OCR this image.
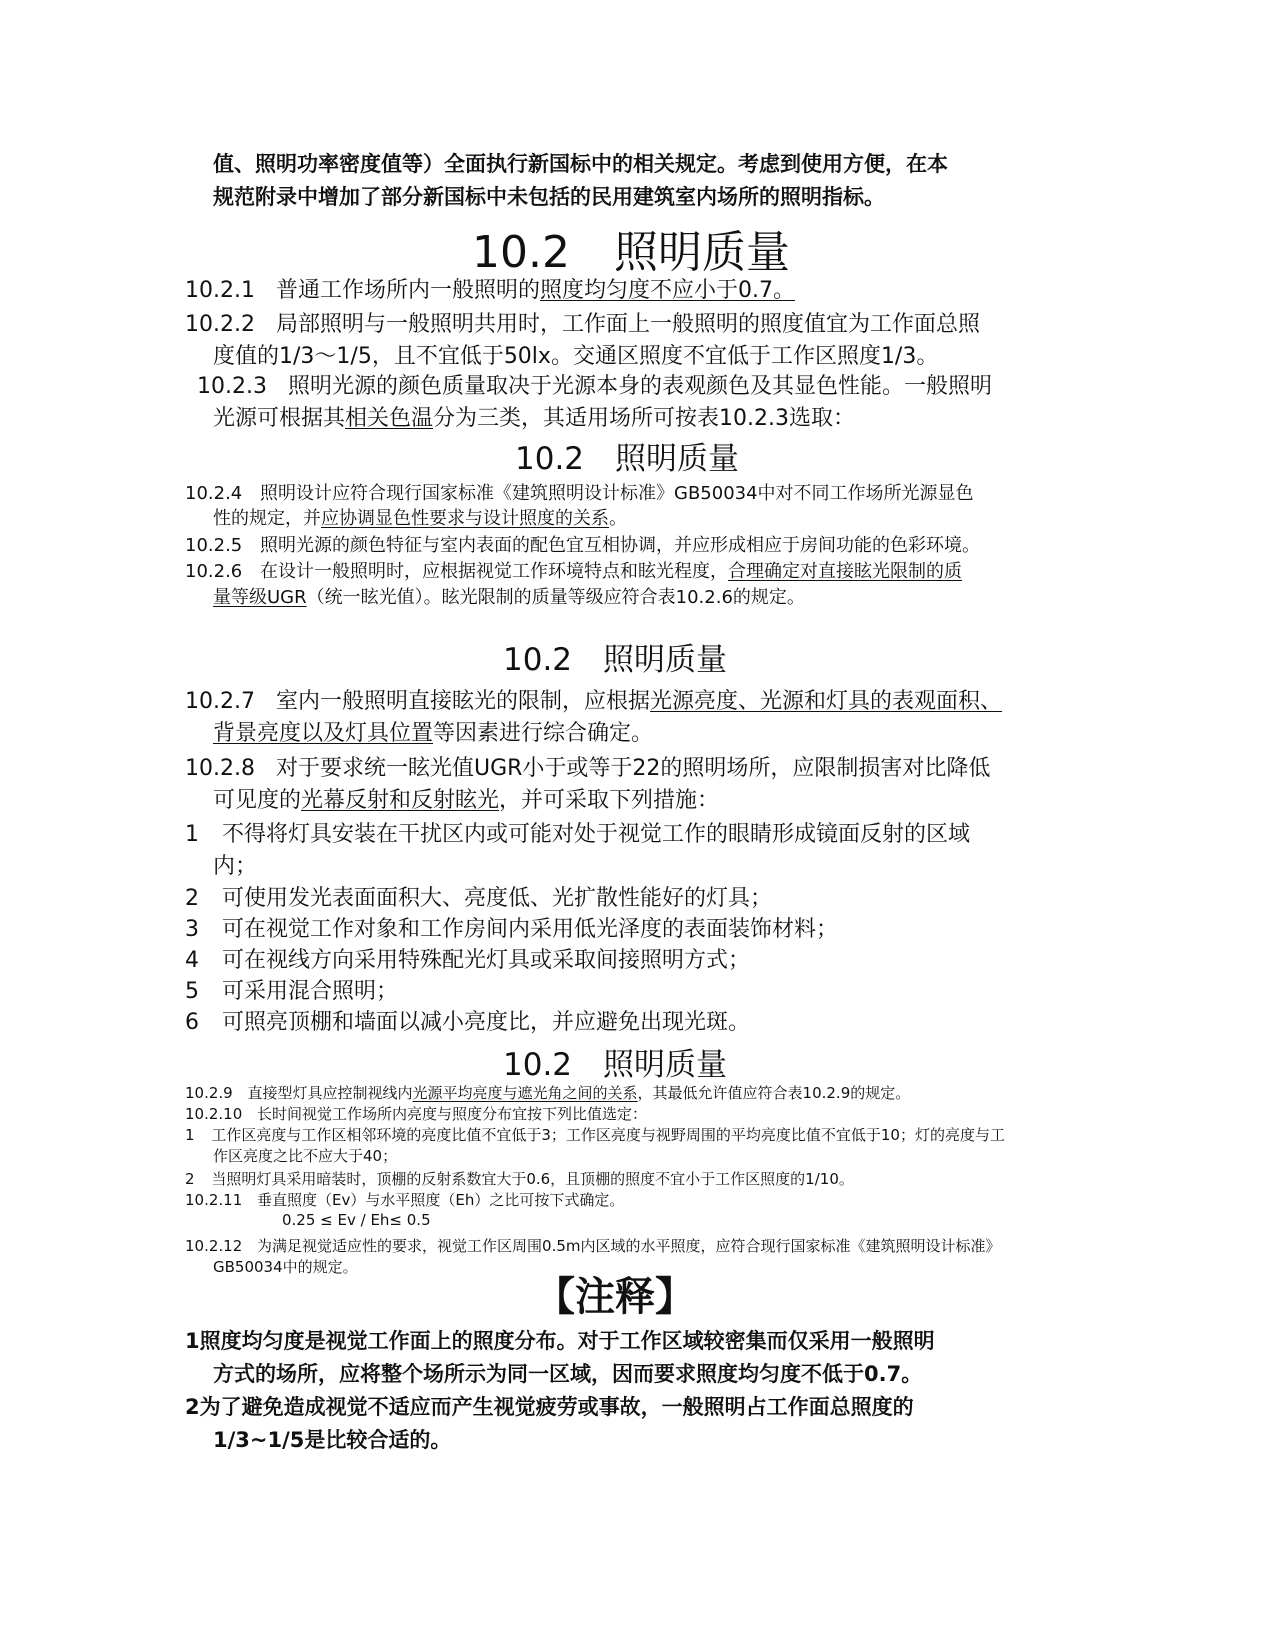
值、照明功率密度值等）全面执行新国标中的相关规定。考虑到使用方便，在本
规范附录中增加了部分新国标中未包括的民用建筑室内场所的照明指标。
10.2　照明质量
10.2.1 普通工作场所内一般照明的照度均匀度不应小于0.7。
10.2.2 局部照明与一般照明共用时，工作面上一般照明的照度值宜为工作面总照
度值的1/3～1/5，且不宜低于50lx。交通区照度不宜低于工作区照度1/3。
10.2.3 照明光源的颜色质量取决于光源本身的表观颜色及其显色性能。一般照明
光源可根据其相关色温分为三类，其适用场所可按表10.2.3选取：
10.2　照明质量
10.2.4 照明设计应符合现行国家标准《建筑照明设计标准》GB50034中对不同工作场所光源显色
性的规定，并应协调显色性要求与设计照度的关系。
10.2.5 照明光源的颜色特征与室内表面的配色宜互相协调，并应形成相应于房间功能的色彩环境。
10.2.6 在设计一般照明时，应根据视觉工作环境特点和眩光程度，合理确定对直接眩光限制的质
量等级UGR（统一眩光值）。眩光限制的质量等级应符合表10.2.6的规定。
10.2　照明质量
10.2.7 室内一般照明直接眩光的限制，应根据光源亮度、光源和灯具的表观面积、
背景亮度以及灯具位置等因素进行综合确定。
10.2.8 对于要求统一眩光值UGR小于或等于22的照明场所，应限制损害对比降低
可见度的光幕反射和反射眩光，并可采取下列措施：
1 不得将灯具安装在干扰区内或可能对处于视觉工作的眼睛形成镜面反射的区域
内；
2 可使用发光表面面积大、亮度低、光扩散性能好的灯具；
3 可在视觉工作对象和工作房间内采用低光泽度的表面装饰材料；
4 可在视线方向采用特殊配光灯具或采取间接照明方式；
5 可采用混合照明；
6 可照亮顶棚和墙面以减小亮度比，并应避免出现光斑。
10.2　照明质量
10.2.9 直接型灯具应控制视线内光源平均亮度与遮光角之间的关系，其最低允许值应符合表10.2.9的规定。
10.2.10 长时间视觉工作场所内亮度与照度分布宜按下列比值选定：
1 工作区亮度与工作区相邻环境的亮度比值不宜低于3；工作区亮度与视野周围的平均亮度比值不宜低于10；灯的亮度与工
作区亮度之比不应大于40；
2 当照明灯具采用暗装时，顶棚的反射系数宜大于0.6，且顶棚的照度不宜小于工作区照度的1/10。
10.2.11 垂直照度（Ev）与水平照度（Eh）之比可按下式确定。
0.25 ≤ Ev / Eh≤ 0.5
10.2.12 为满足视觉适应性的要求，视觉工作区周围0.5m内区域的水平照度，应符合现行国家标准《建筑照明设计标准》
GB50034中的规定。
【注释】
1照度均匀度是视觉工作面上的照度分布。对于工作区域较密集而仅采用一般照明
方式的场所，应将整个场所示为同一区域，因而要求照度均匀度不低于0.7。
2为了避免造成视觉不适应而产生视觉疲劳或事故，一般照明占工作面总照度的
1/3~1/5是比较合适的。
